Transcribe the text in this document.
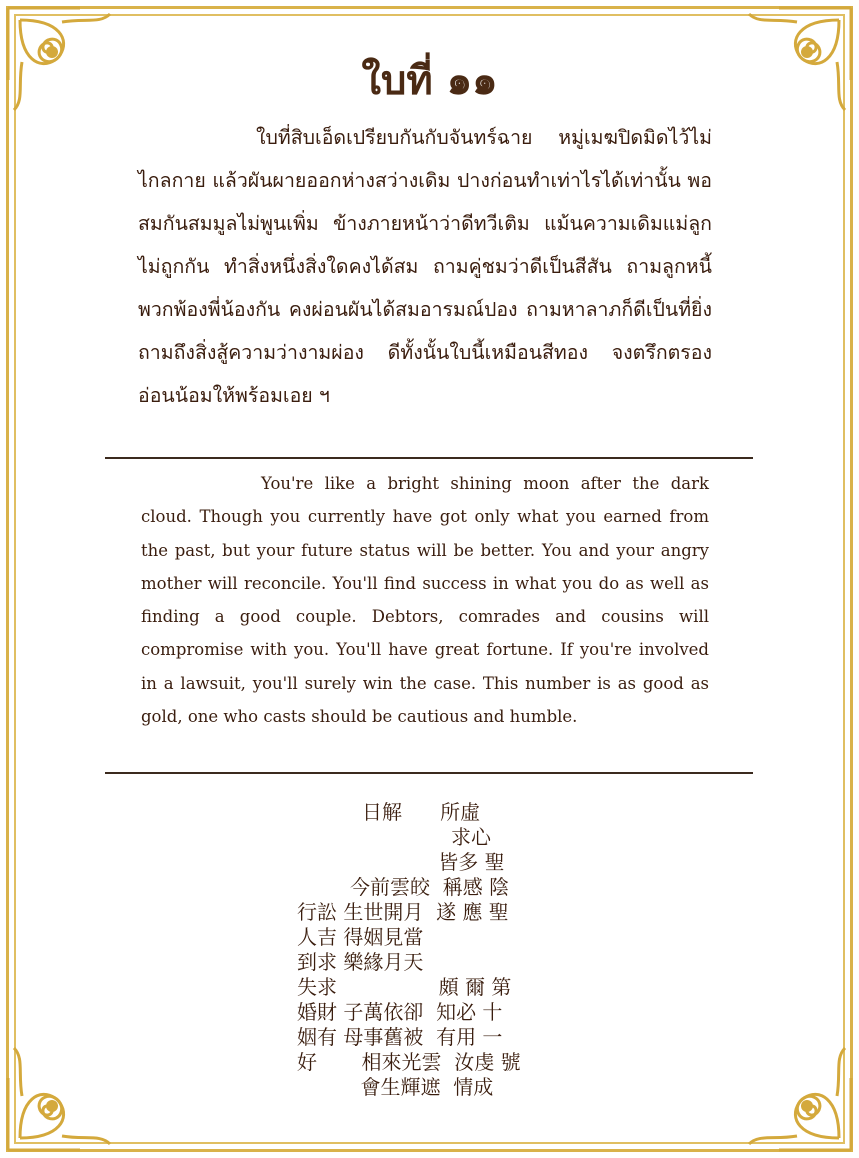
ใบที่ ๑๑
ใบที่สิบเอ็ดเปรียบกันกับจันทร์ฉาย หมู่เมฆปิดมิดไว้ไม่ไกลกาย แล้วผันผายออกห่างสว่างเดิม ปางก่อนทำเท่าไรได้เท่านั้น พอสมกันสมมูลไม่พูนเพิ่ม ข้างภายหน้าว่าดีทวีเติม แม้นความเดิมแม่ลูกไม่ถูกกัน ทำสิ่งหนึ่งสิ่งใดคงได้สม ถามคู่ชมว่าดีเป็นสีสัน ถามลูกหนี้พวกพ้องพี่น้องกัน คงผ่อนผันได้สมอารมณ์ปอง ถามหาลาภก็ดีเป็นที่ยิ่ง ถามถึงสิ่งสู้ความว่างามผ่อง ดีทั้งนั้นใบนี้เหมือนสีทอง จงตรึกตรองอ่อนน้อมให้พร้อมเอย ฯ
You're like a bright shining moon after the dark cloud. Though you currently have got only what you earned from the past, but your future status will be better. You and your angry mother will reconcile. You'll find success in what you do as well as finding a good couple. Debtors, comrades and cousins will compromise with you. You'll have great fortune. If you're involved in a lawsuit, you'll surely win the case. This number is as good as gold, one who casts should be cautious and humble.
日解      所虛
求心
皆多 聖
今前雲皎  稱感 陰
行訟 生世開月  遂 應 聖
人吉 得姻見當
到求 樂緣月天
失求                頗 爾 第
婚財 子萬依卻  知必 十
姻有 母事舊被  有用 一
好       相來光雲  汝虔 號
會生輝遮  情成
